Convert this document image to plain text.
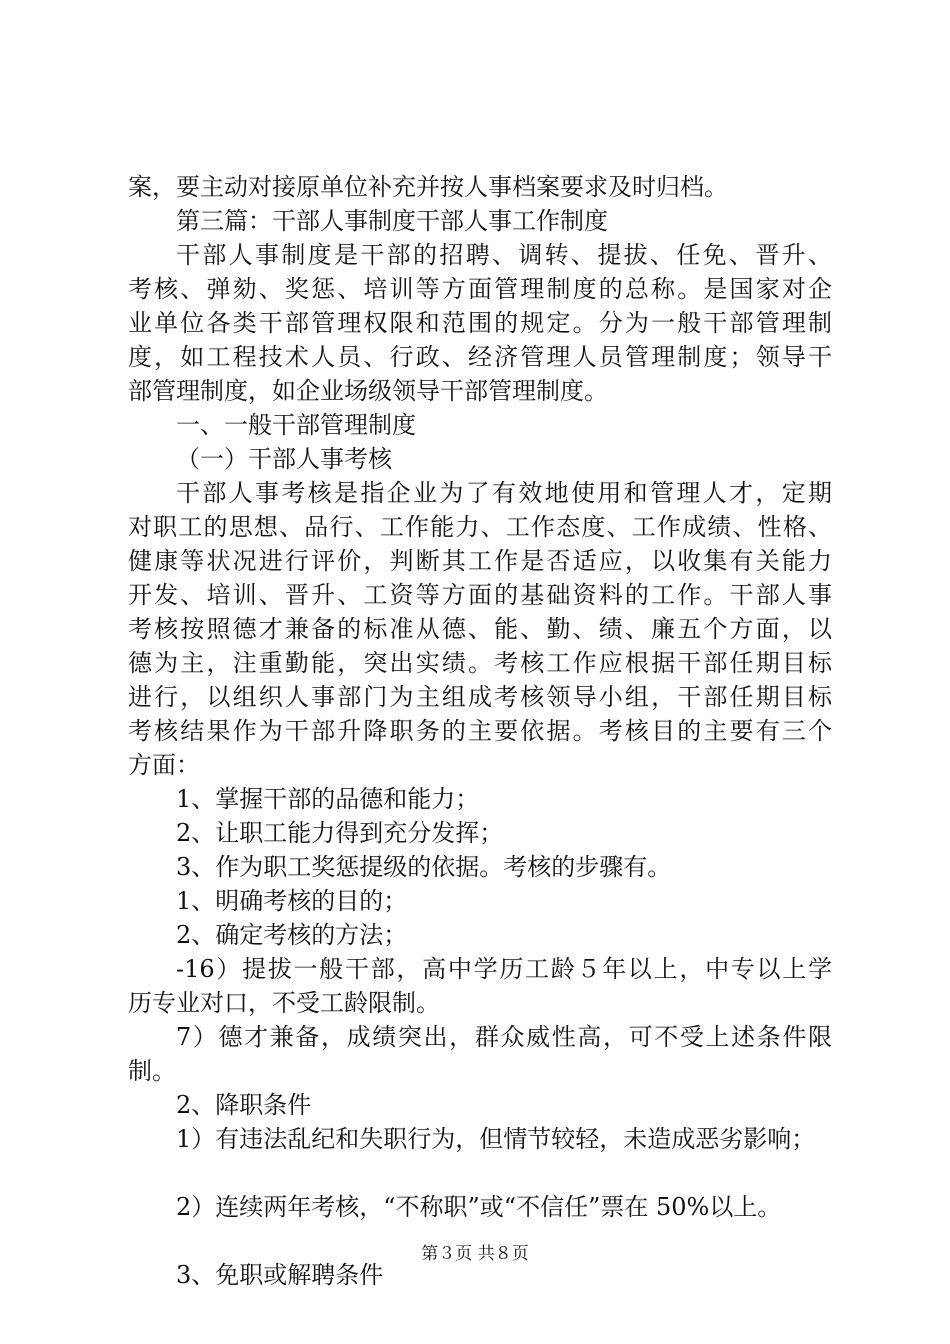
案，要主动对接原单位补充并按人事档案要求及时归档。
第三篇：干部人事制度干部人事工作制度
干部人事制度是干部的招聘、调转、提拔、任免、晋升、
考核、弹劾、奖惩、培训等方面管理制度的总称。是国家对企
业单位各类干部管理权限和范围的规定。分为一般干部管理制
度，如工程技术人员、行政、经济管理人员管理制度；领导干
部管理制度，如企业场级领导干部管理制度。
一、一般干部管理制度
（一）干部人事考核
干部人事考核是指企业为了有效地使用和管理人才，定期
对职工的思想、品行、工作能力、工作态度、工作成绩、性格、
健康等状况进行评价，判断其工作是否适应，以收集有关能力
开发、培训、晋升、工资等方面的基础资料的工作。干部人事
考核按照德才兼备的标准从德、能、勤、绩、廉五个方面，以
德为主，注重勤能，突出实绩。考核工作应根据干部任期目标
进行，以组织人事部门为主组成考核领导小组，干部任期目标
考核结果作为干部升降职务的主要依据。考核目的主要有三个
方面：
1、掌握干部的品德和能力；
2、让职工能力得到充分发挥；
3、作为职工奖惩提级的依据。考核的步骤有。
1、明确考核的目的；
2、确定考核的方法；
-16）提拔一般干部，高中学历工龄５年以上，中专以上学
历专业对口，不受工龄限制。
7）德才兼备，成绩突出，群众威性高，可不受上述条件限
制。
2、降职条件
1）有违法乱纪和失职行为，但情节较轻，未造成恶劣影响；
2）连续两年考核，“不称职”或“不信任”票在 50%以上。
3、免职或解聘条件
第３页 共８页
